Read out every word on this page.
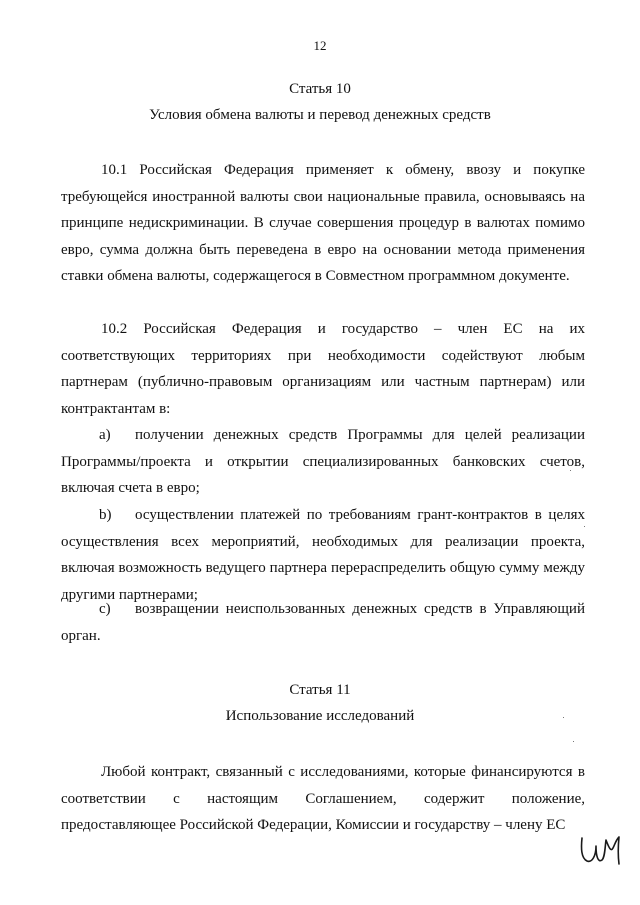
12
Статья 10
Условия обмена валюты и перевод денежных средств
10.1 Российская Федерация применяет к обмену, ввозу и покупке требующейся иностранной валюты свои национальные правила, основываясь на принципе недискриминации. В случае совершения процедур в валютах помимо евро, сумма должна быть переведена в евро на основании метода применения ставки обмена валюты, содержащегося в Совместном программном документе.
10.2 Российская Федерация и государство – член ЕС на их соответствующих территориях при необходимости содействуют любым партнерам (публично-правовым организациям или частным партнерам) или контрактантам в:
a) получении денежных средств Программы для целей реализации Программы/проекта и открытии специализированных банковских счетов, включая счета в евро;
b) осуществлении платежей по требованиям грант-контрактов в целях осуществления всех мероприятий, необходимых для реализации проекта, включая возможность ведущего партнера перераспределить общую сумму между другими партнерами;
c) возвращении неиспользованных денежных средств в Управляющий орган.
Статья 11
Использование исследований
Любой контракт, связанный с исследованиями, которые финансируются в соответствии с настоящим Соглашением, содержит положение, предоставляющее Российской Федерации, Комиссии и государству – члену ЕС
